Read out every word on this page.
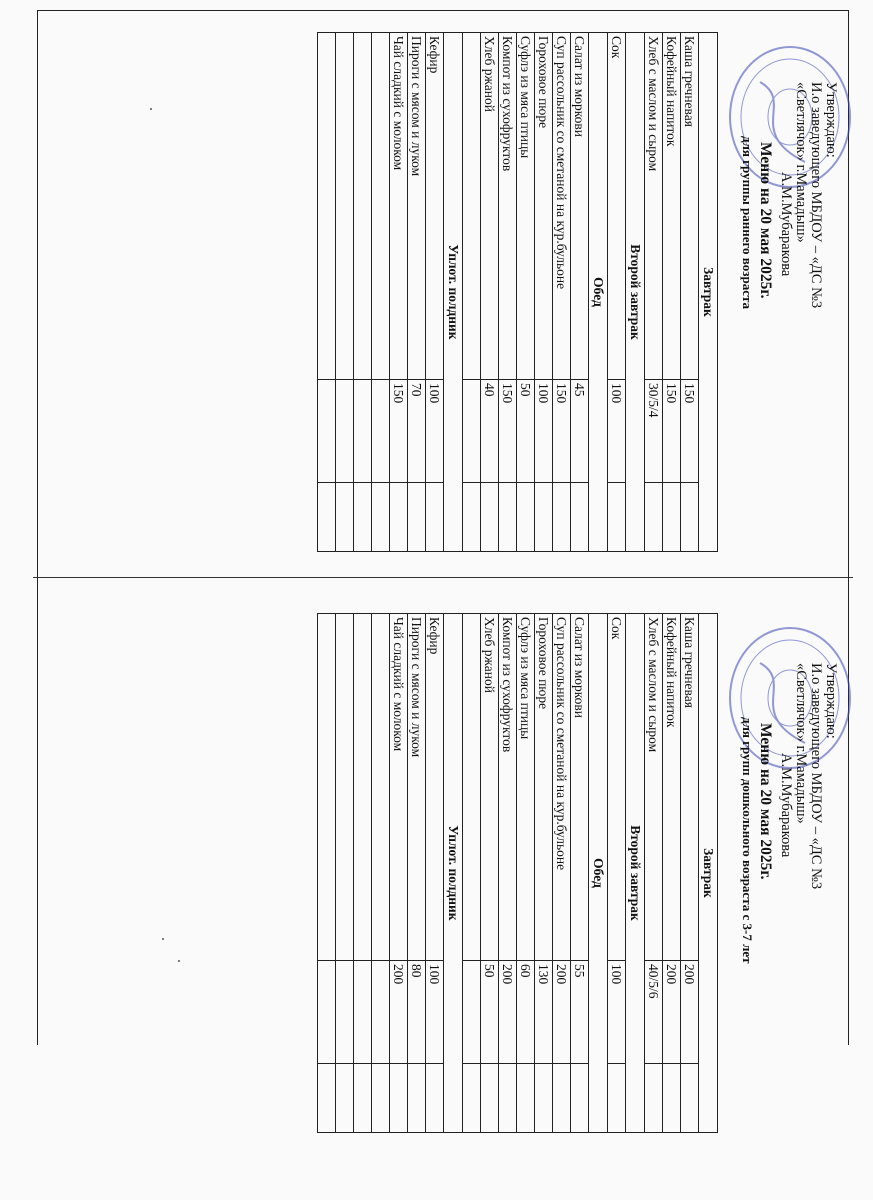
Утверждаю:
И.о заведующего МБДОУ – «ДС №3
«Светлячок» г.Мамадыш»
А.М.Мубаракова
Меню на 20 мая 2025г.
для группы раннего возраста
Завтрак		
Каша гречневая	150	
Кофейный напиток	150	
Хлеб с маслом и сыром	30/5/4	
Второй завтрак		
Сок	100	
Обед		
Салат из моркови	45	
Суп рассольник со сметаной на кур.бульоне	150	
Гороховое пюре	100	
Суфлэ из мяса птицы	50	
Компот из сухофруктов	150	
Хлеб ржаной	40	

Уплот. полдник		
Кефир	100	
Пироги с мясом и луком	70	
Чай сладкий с молоком	150	

Утверждаю:
И.о заведующего МБДОУ – «ДС №3
«Светлячок» г.Мамадыш»
А.М.Мубаракова
Меню на 20 мая 2025г.
для групп дошкольного возраста с 3-7 лет
Завтрак		
Каша гречневая	200	
Кофейный напиток	200	
Хлеб с маслом и сыром	40/5/6	
Второй завтрак		
Сок	100	
Обед		
Салат из моркови	55	
Суп рассольник со сметаной на кур.бульоне	200	
Гороховое пюре	130	
Суфлэ из мяса птицы	60	
Компот из сухофруктов	200	
Хлеб ржаной	50	

Уплот. полдник		
Кефир	100	
Пироги с мясом и луком	80	
Чай сладкий с молоком	200	
